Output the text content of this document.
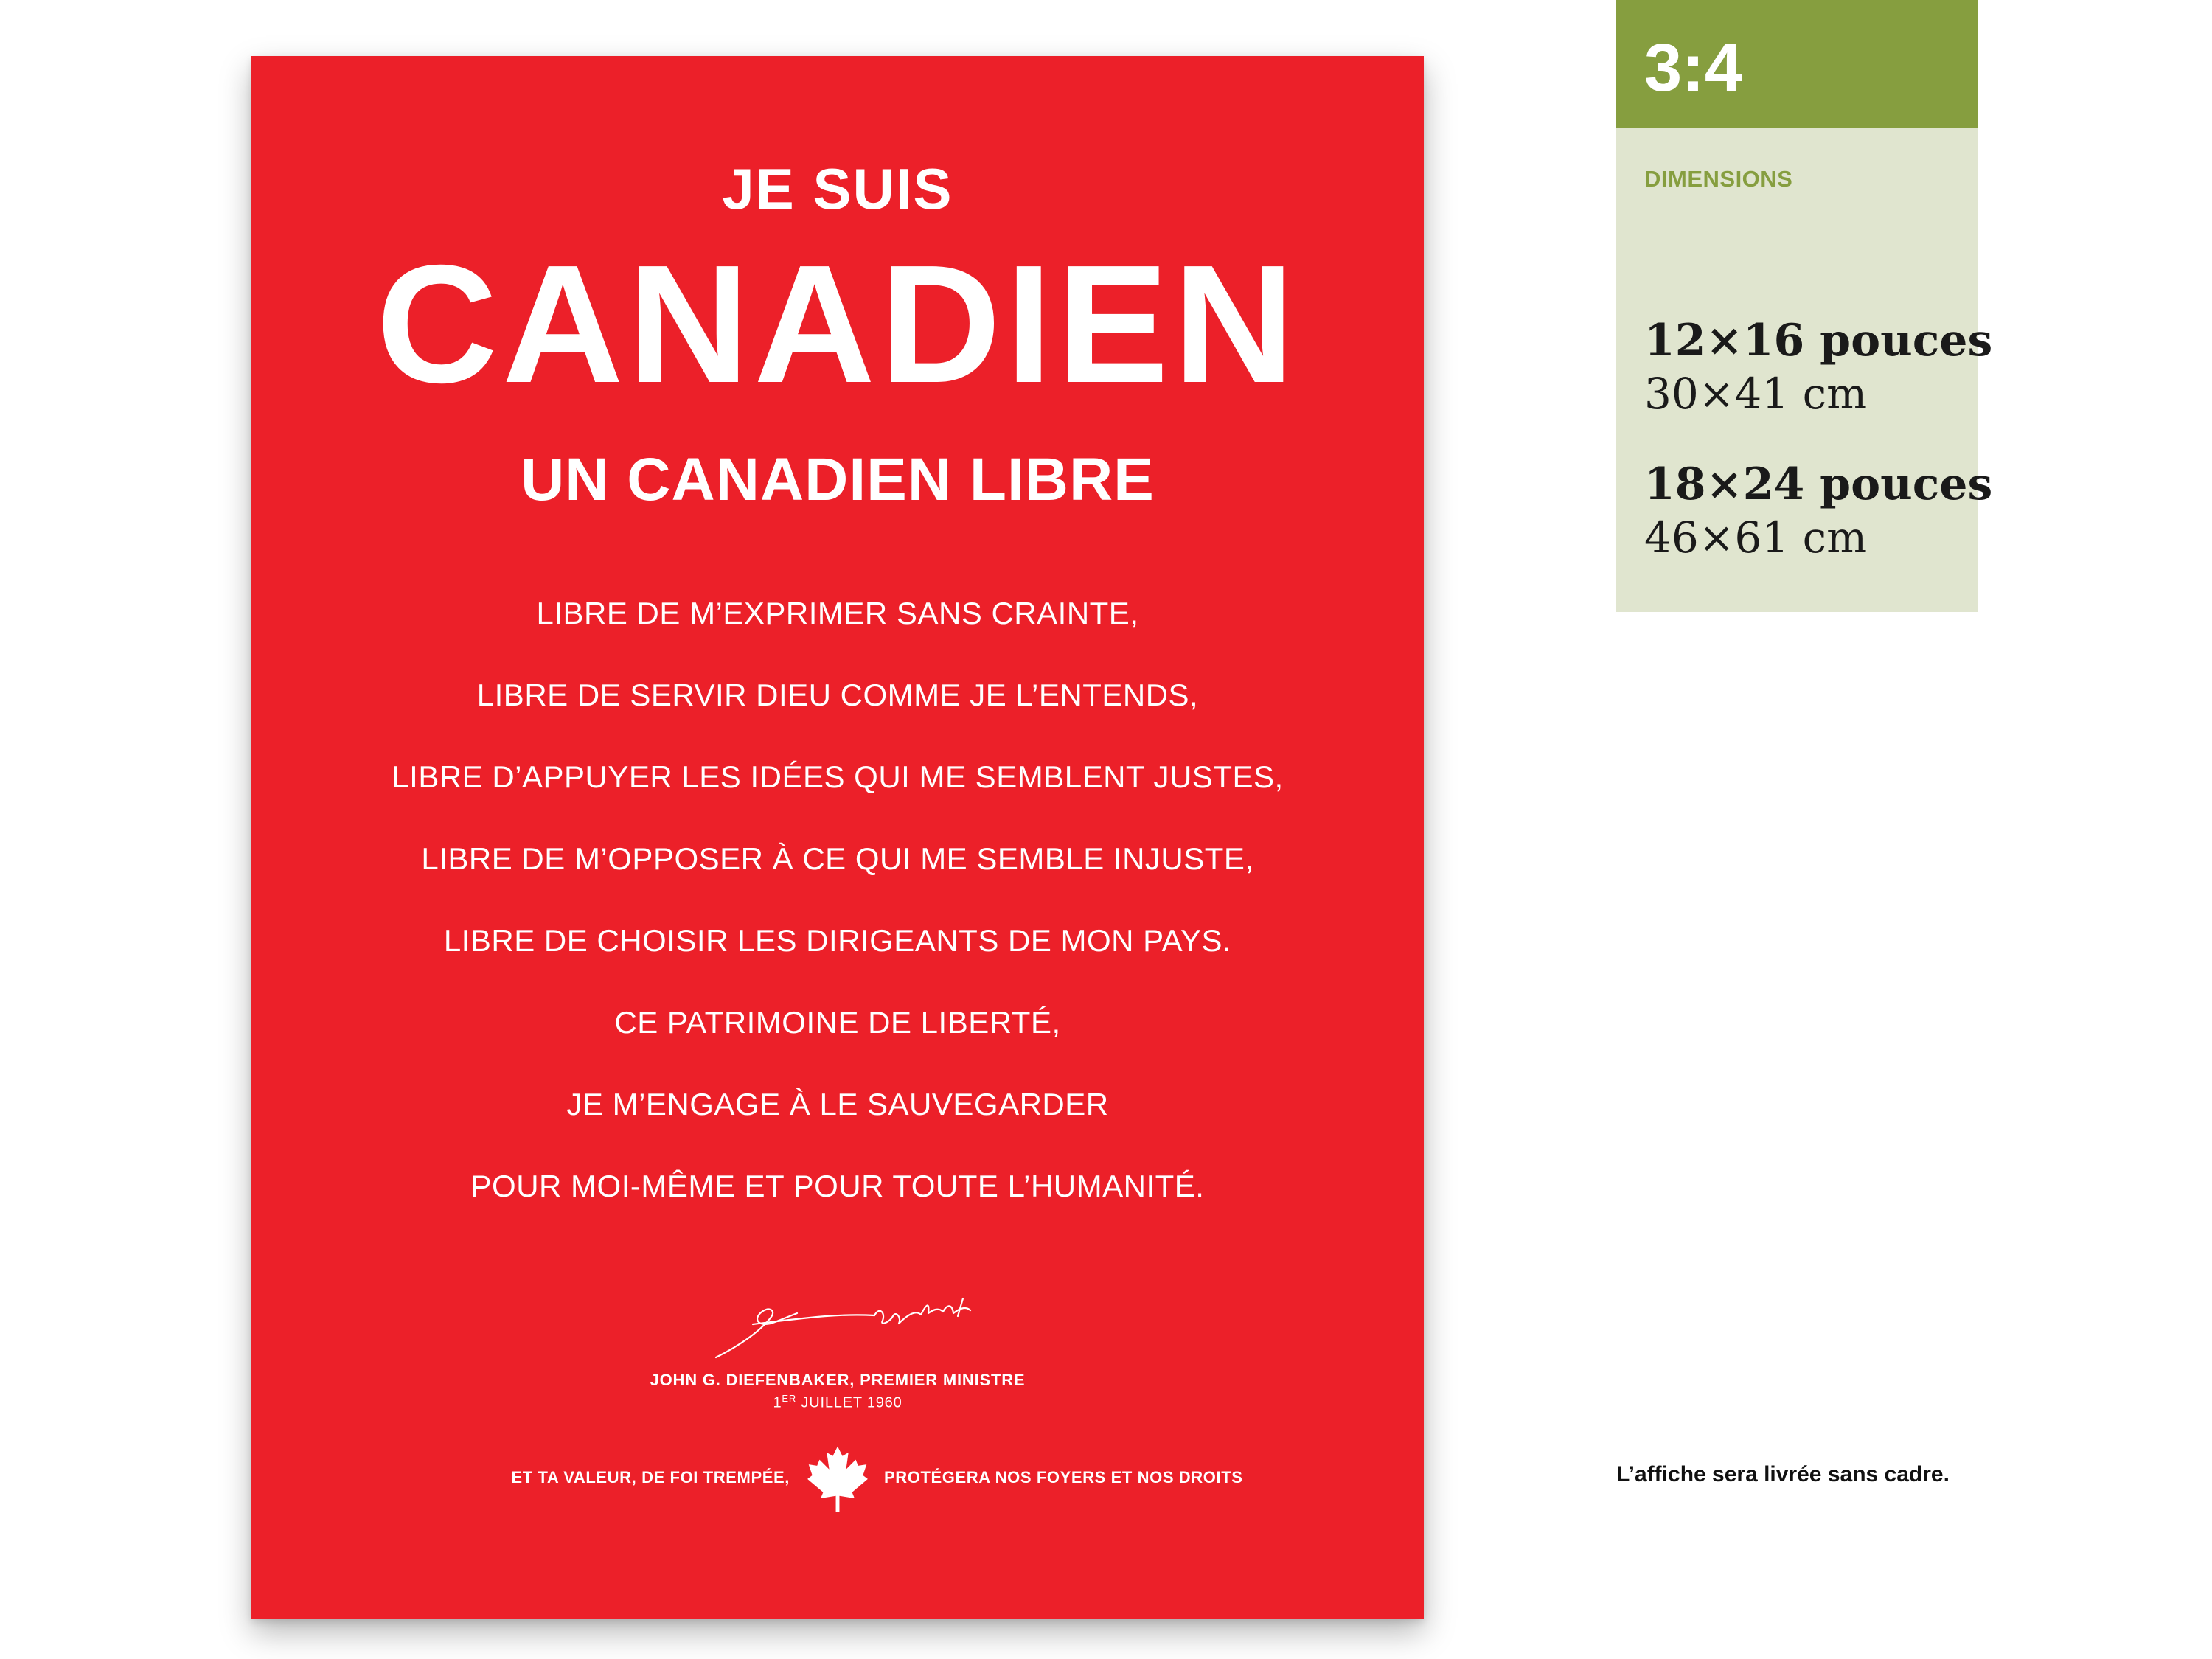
JE SUIS
CANADIEN
UN CANADIEN LIBRE
LIBRE DE M’EXPRIMER SANS CRAINTE,
LIBRE DE SERVIR DIEU COMME JE L’ENTENDS,
LIBRE D’APPUYER LES IDÉES QUI ME SEMBLENT JUSTES,
LIBRE DE M’OPPOSER À CE QUI ME SEMBLE INJUSTE,
LIBRE DE CHOISIR LES DIRIGEANTS DE MON PAYS.
CE PATRIMOINE DE LIBERTÉ,
JE M’ENGAGE À LE SAUVEGARDER
POUR MOI-MÊME ET POUR TOUTE L’HUMANITÉ.
JOHN G. DIEFENBAKER, PREMIER MINISTRE
1ER JUILLET 1960
ET TA VALEUR, DE FOI TREMPÉE,	PROTÉGERA NOS FOYERS ET NOS DROITS
3:4
DIMENSIONS
12×16 pouces
30×41 cm
18×24 pouces
46×61 cm
L’affiche sera livrée sans cadre.
